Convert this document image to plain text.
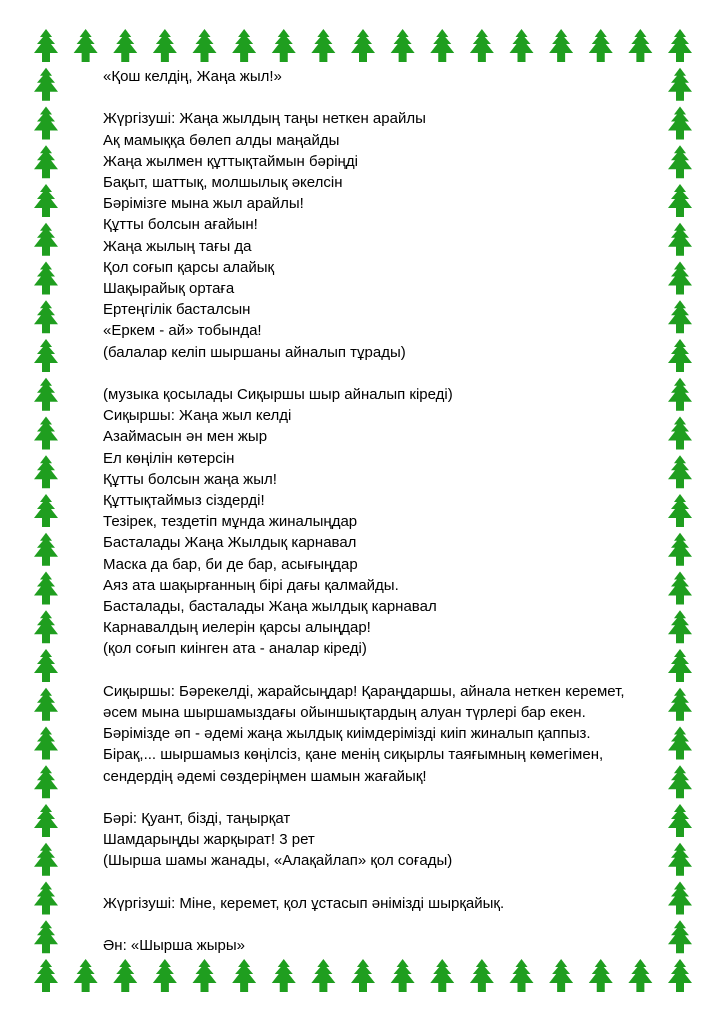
«Қош келдің, Жаңа жыл!»
Жүргізуші: Жаңа жылдың таңы неткен арайлы
Ақ мамыққа бөлеп алды маңайды
Жаңа жылмен құттықтаймын бәріңді
Бақыт, шаттық, молшылық әкелсін
Бәрімізге мына жыл арайлы!
Құтты болсын ағайын!
Жаңа жылың тағы да
Қол соғып қарсы алайық
Шақырайық ортаға
Ертеңгілік басталсын
«Еркем - ай» тобында!
(балалар келіп шыршаны айналып тұрады)
(музыка қосылады Сиқыршы шыр айналып кіреді)
Сиқыршы: Жаңа жыл келді
Азаймасын ән мен жыр
Ел көңілін көтерсін
Құтты болсын жаңа жыл!
Құттықтаймыз сіздерді!
Тезірек, тездетіп мұнда жиналыңдар
Басталады Жаңа Жылдық карнавал
Маска да бар, би де бар, асығыңдар
Аяз ата шақырғанның бірі дағы қалмайды.
Басталады, басталады Жаңа жылдық карнавал
Карнавалдың иелерін қарсы алыңдар!
(қол соғып киінген ата - аналар кіреді)
Сиқыршы: Бәрекелді, жарайсыңдар! Қараңдаршы, айнала неткен керемет,
әсем мына шыршамыздағы ойыншықтардың алуан түрлері бар екен.
Бәрімізде әп - әдемі жаңа жылдық киімдерімізді киіп жиналып қаппыз.
Бірақ,... шыршамыз көңілсіз, қане менің сиқырлы таяғымның көмегімен,
сендердің әдемі сөздеріңмен шамын жағайық!
Бәрі: Қуант, бізді, таңырқат
Шамдарыңды жарқырат! 3 рет
(Шырша шамы жанады, «Алақайлап» қол соғады)
Жүргізуші: Міне, керемет, қол ұстасып әнімізді шырқайық.
Ән: «Шырша жыры»
